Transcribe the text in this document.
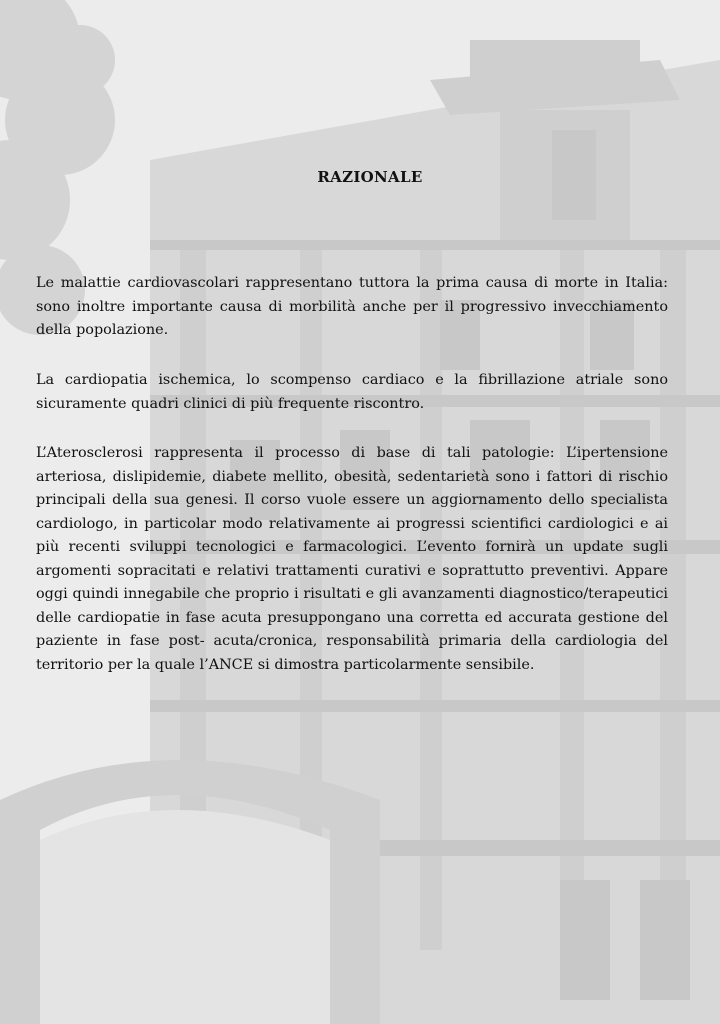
RAZIONALE

Le malattie cardiovascolari rappresentano tuttora la prima causa di morte in Italia: sono inoltre importante causa di morbilità anche per il progressivo invecchiamento della popolazione.

La cardiopatia ischemica, lo scompenso cardiaco e la fibrillazione atriale sono sicuramente quadri clinici di più frequente riscontro.

L’Aterosclerosi rappresenta il processo di base di tali patologie: L’ipertensione arteriosa, dislipidemie, diabete mellito, obesità, sedentarietà sono i fattori di rischio principali della sua genesi. Il corso vuole essere un aggiornamento dello specialista cardiologo, in particolar modo relativamente ai progressi scientifici cardiologici e ai più recenti sviluppi tecnologici e farmacologici. L’evento fornirà un update sugli argomenti sopracitati e relativi trattamenti curativi e soprattutto preventivi. Appare oggi quindi innegabile che proprio i risultati e gli avanzamenti diagnostico/terapeutici delle cardiopatie in fase acuta presuppongano una corretta ed accurata gestione del paziente in fase post- acuta/cronica, responsabilità primaria della cardiologia del territorio per la quale l’ANCE si dimostra particolarmente sensibile.
